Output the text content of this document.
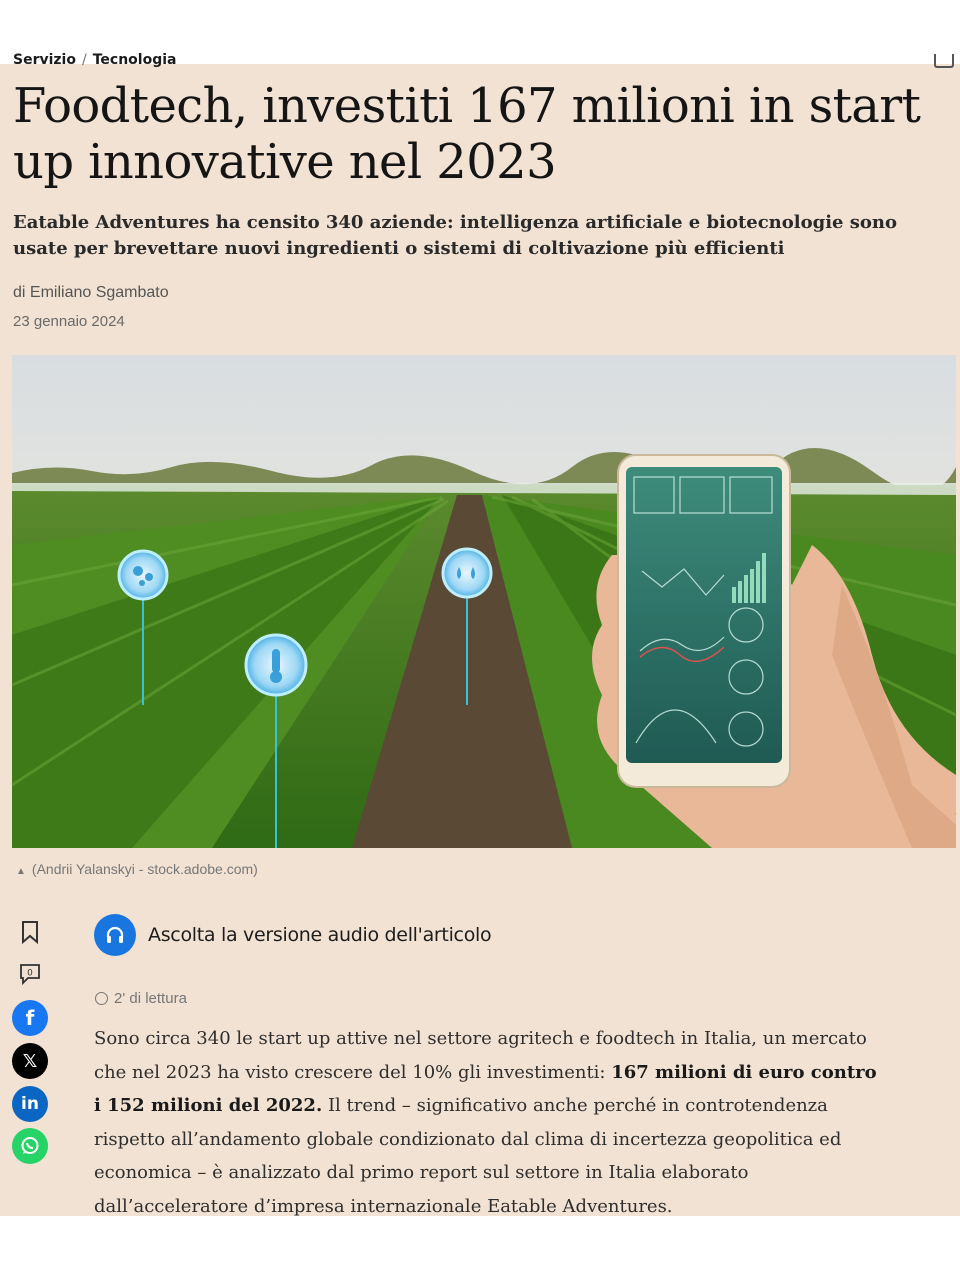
Servizio / Tecnologia
Foodtech, investiti 167 milioni in start up innovative nel 2023

Eatable Adventures ha censito 340 aziende: intelligenza artificiale e biotecnologie sono usate per brevettare nuovi ingredienti o sistemi di coltivazione più efficienti

di Emiliano Sgambato
23 gennaio 2024
▲ (Andrii Yalanskyi - stock.adobe.com)
0
f
𝕏
in
Ascolta la versione audio dell'articolo
2' di lettura

Sono circa 340 le start up attive nel settore agritech e foodtech in Italia, un mercato che nel 2023 ha visto crescere del 10% gli investimenti: 167 milioni di euro contro i 152 milioni del 2022. Il trend – significativo anche perché in controtendenza rispetto all’andamento globale condizionato dal clima di incertezza geopolitica ed economica – è analizzato dal primo report sul settore in Italia elaborato dall’acceleratore d’impresa internazionale Eatable Adventures.
